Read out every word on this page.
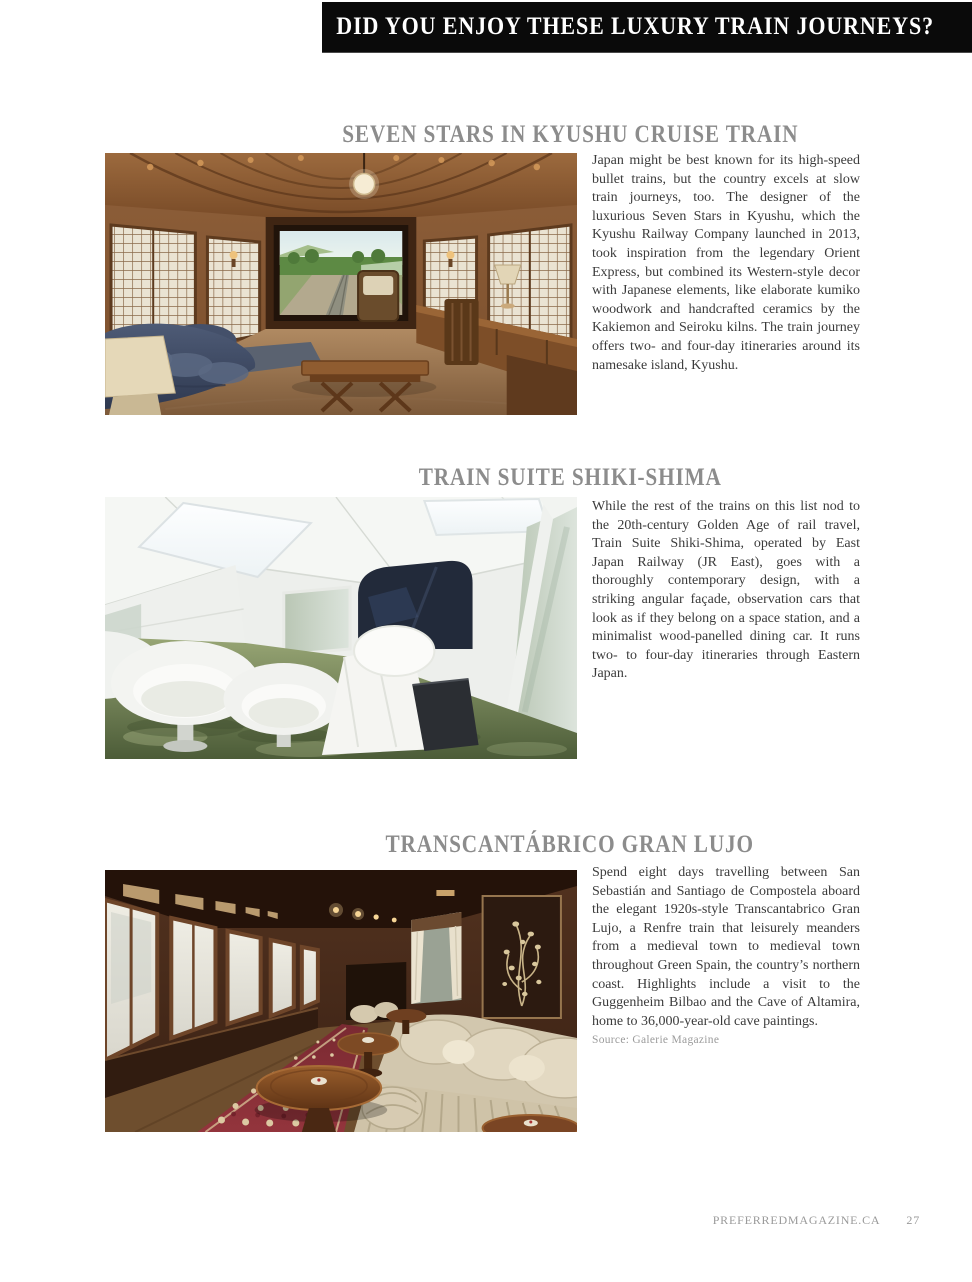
DID YOU ENJOY THESE LUXURY TRAIN JOURNEYS?
SEVEN STARS IN KYUSHU CRUISE TRAIN

Japan might be best known for its high-speed bullet trains, but the country excels at slow train journeys, too. The designer of the luxurious Seven Stars in Kyushu, which the Kyushu Railway Company launched in 2013, took inspiration from the legendary Orient Express, but combined its Western-style decor with Japanese elements, like elaborate kumiko woodwork and handcrafted ceramics by the Kakiemon and Seiroku kilns. The train journey offers two- and four-day itineraries around its namesake island, Kyushu.

TRAIN SUITE SHIKI-SHIMA

While the rest of the trains on this list nod to the 20th-century Golden Age of rail travel, Train Suite Shiki-Shima, operated by East Japan Railway (JR East), goes with a thoroughly contemporary design, with a striking angular façade, observation cars that look as if they belong on a space station, and a minimalist wood-panelled dining car. It runs two- to four-day itineraries through Eastern Japan.

TRANSCANTÁBRICO GRAN LUJO

Spend eight days travelling between San Sebastián and Santiago de Compostela aboard the elegant 1920s-style Transcantabrico Gran Lujo, a Renfre train that leisurely meanders from a medieval town to medieval town throughout Green Spain, the country’s northern coast. Highlights include a visit to the Guggenheim Bilbao and the Cave of Altamira, home to 36,000-year-old cave paintings.

Source: Galerie Magazine

PREFERREDMAGAZINE.CA 27
